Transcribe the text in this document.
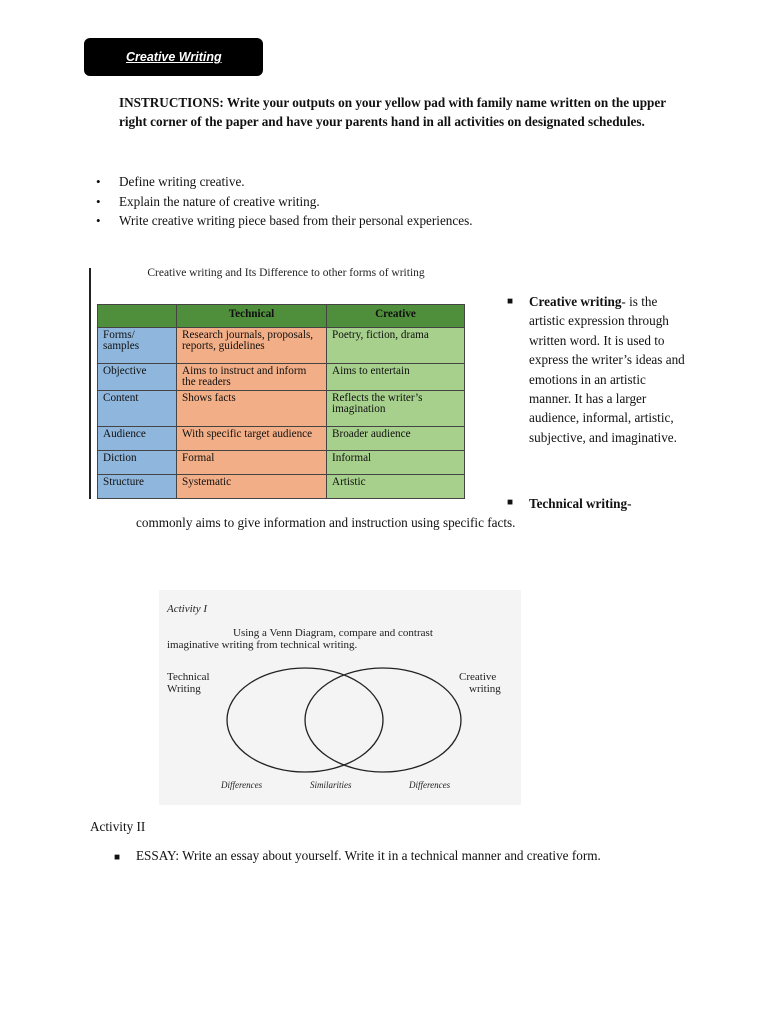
Creative Writing
INSTRUCTIONS: Write your outputs on your yellow pad with family name written on the upper right corner of the paper and have your parents hand in all activities on designated schedules.
• Define writing creative.
• Explain the nature of creative writing.
• Write creative writing piece based from their personal experiences.
Creative writing and Its Difference to other forms of writing
	Technical	Creative
Forms/ samples	Research journals, proposals, reports, guidelines	Poetry, fiction, drama
Objective	Aims to instruct and inform the readers	Aims to entertain
Content	Shows facts	Reflects the writer’s imagination
Audience	With specific target audience	Broader audience
Diction	Formal	Informal
Structure	Systematic	Artistic
■ Creative writing- is the artistic expression through written word. It is used to express the writer’s ideas and emotions in an artistic manner. It has a larger audience, informal, artistic, subjective, and imaginative.
■ Technical writing-
commonly aims to give information and instruction using specific facts.
Activity I
Using a Venn Diagram, compare and contrast
imaginative writing from technical writing.
Technical
Writing
Creative
writing
Differences	Similarities	Differences
Activity II
■ ESSAY: Write an essay about yourself. Write it in a technical manner and creative form.
